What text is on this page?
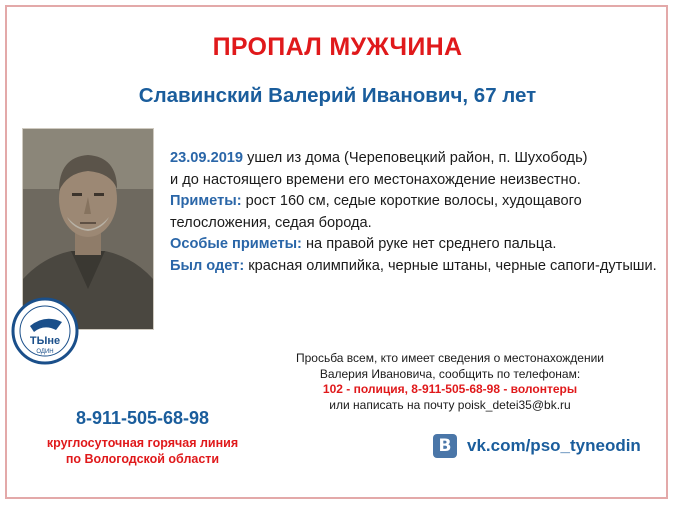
ПРОПАЛ МУЖЧИНА
Славинский Валерий Иванович, 67 лет
ТЫне
ОДИН

23.09.2019 ушел из дома (Череповецкий район, п. Шухободь)

и до настоящего времени его местонахождение неизвестно.

Приметы: рост 160 см, седые короткие волосы, худощавого телосложения, седая борода.

Особые приметы: на правой руке нет среднего пальца.

Был одет: красная олимпийка, черные штаны, черные сапоги-дутыши.

Просьба всем, кто имеет сведения о местонахождении
Валерия Ивановича, сообщить по телефонам:
102 - полиция, 8-911-505-68-98 - волонтеры
или написать на почту poisk_detei35@bk.ru
8-911-505-68-98
круглосуточная горячая линия
по Вологодской области
В vk.com/pso_tyneodin
